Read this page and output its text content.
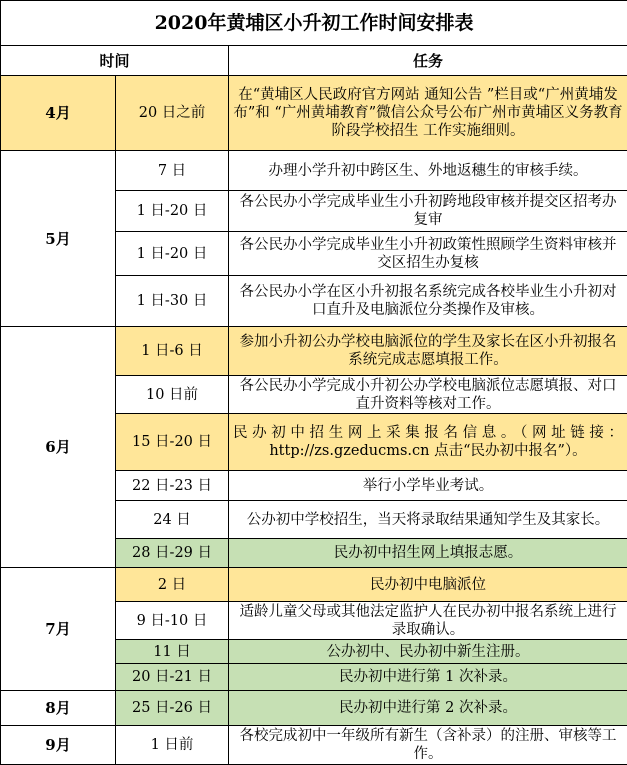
2020年黄埔区小升初工作时间安排表		
时间		任务
4月	20 日之前	在“黄埔区人民政府官方网站 通知公告 ”栏目或“广州黄埔发布”和 “广州黄埔教育”微信公众号公布广州市黄埔区义务教育阶段学校招生 工作实施细则。
5月	7 日	办理小学升初中跨区生、外地返穗生的审核手续。
	1 日-20 日	各公民办小学完成毕业生小升初跨地段审核并提交区招考办复审
	1 日-20 日	各公民办小学完成毕业生小升初政策性照顾学生资料审核并交区招生办复核
	1 日-30 日	各公民办小学在区小升初报名系统完成各校毕业生小升初对口直升及电脑派位分类操作及审核。
6月	1 日-6 日	参加小升初公办学校电脑派位的学生及家长在区小升初报名系统完成志愿填报工作。
	10 日前	各公民办小学完成小升初公办学校电脑派位志愿填报、对口直升资料等核对工作。
	15 日-20 日	民办初中招生网上采集报名信息。（网址链接：http://zs.gzeducms.cn 点击“民办初中报名”）。
	22 日-23 日	举行小学毕业考试。
	24 日	公办初中学校招生，当天将录取结果通知学生及其家长。
	28 日-29 日	民办初中招生网上填报志愿。
7月	2 日	民办初中电脑派位
	9 日-10 日	适龄儿童父母或其他法定监护人在民办初中报名系统上进行录取确认。
	11 日	公办初中、民办初中新生注册。
	20 日-21 日	民办初中进行第 1 次补录。
8月	25 日-26 日	民办初中进行第 2 次补录。
9月	1 日前	各校完成初中一年级所有新生（含补录）的注册、审核等工作。
